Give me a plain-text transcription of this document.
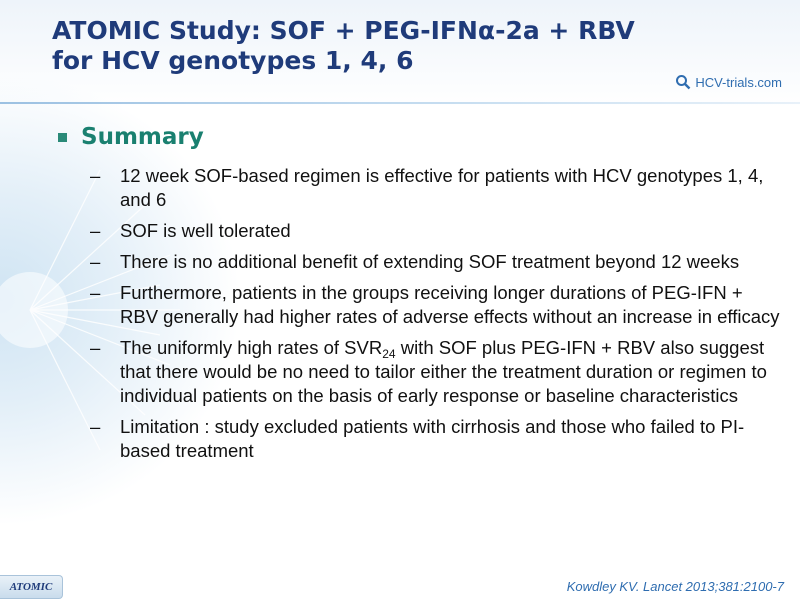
ATOMIC Study: SOF + PEG-IFNα-2a + RBV
for HCV genotypes 1, 4, 6
HCV-trials.com
Summary
–	12 week SOF-based regimen is effective for patients with HCV genotypes 1, 4, and 6
–	SOF is well tolerated
–	There is no additional benefit of extending SOF treatment beyond 12 weeks
–	Furthermore, patients in the groups receiving longer durations of PEG-IFN + RBV generally had higher rates of adverse effects without an increase in efficacy
–	The uniformly high rates of $SVR_{24}$ with SOF plus PEG-IFN + RBV also suggest that there would be no need to tailor either the treatment duration or regimen to individual patients on the basis of early response or baseline characteristics
–	Limitation : study excluded patients with cirrhosis and those who failed to PI-based treatment
ATOMIC	Kowdley KV. Lancet 2013;381:2100-7
